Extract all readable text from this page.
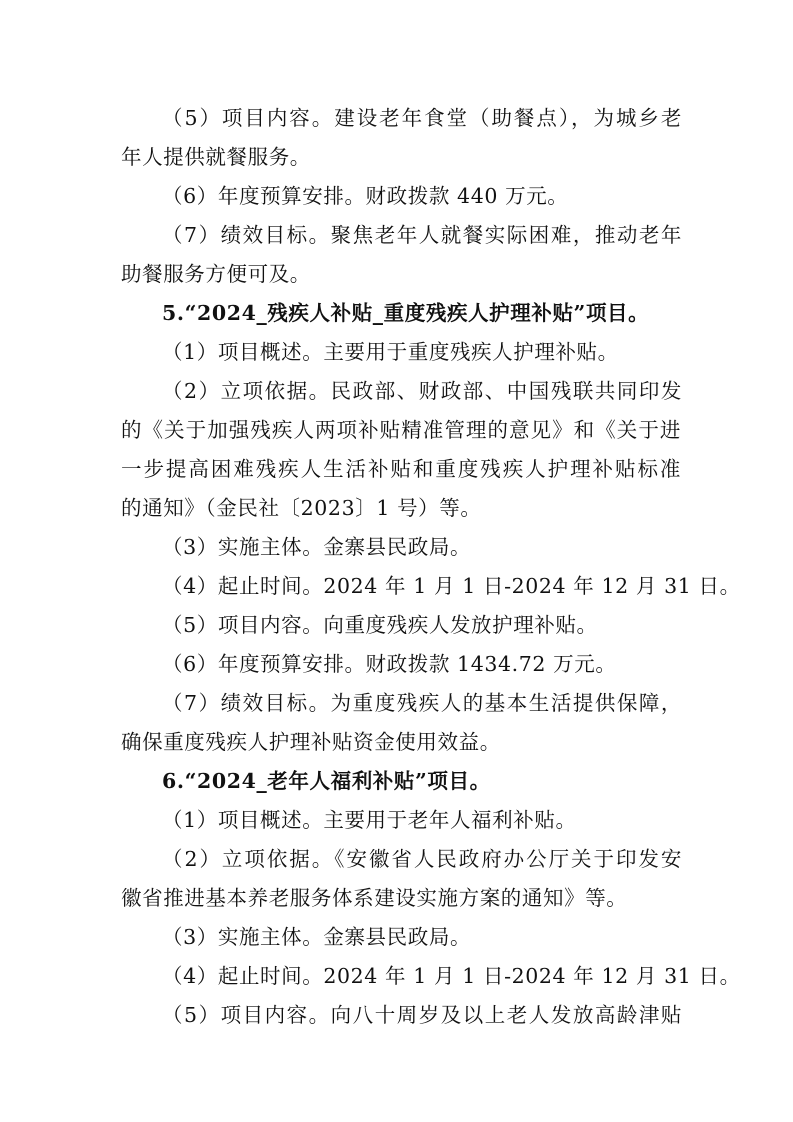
（5）项目内容。建设老年食堂（助餐点），为城乡老
年人提供就餐服务。
（6）年度预算安排。财政拨款 440 万元。
（7）绩效目标。聚焦老年人就餐实际困难，推动老年
助餐服务方便可及。
5.“2024_残疾人补贴_重度残疾人护理补贴”项目。
（1）项目概述。主要用于重度残疾人护理补贴。
（2）立项依据。民政部、财政部、中国残联共同印发
的《关于加强残疾人两项补贴精准管理的意见》和《关于进
一步提高困难残疾人生活补贴和重度残疾人护理补贴标准
的通知》（金民社〔2023〕1 号）等。
（3）实施主体。金寨县民政局。
（4）起止时间。2024 年 1 月 1 日-2024 年 12 月 31 日。
（5）项目内容。向重度残疾人发放护理补贴。
（6）年度预算安排。财政拨款 1434.72 万元。
（7）绩效目标。为重度残疾人的基本生活提供保障，
确保重度残疾人护理补贴资金使用效益。
6.“2024_老年人福利补贴”项目。
（1）项目概述。主要用于老年人福利补贴。
（2）立项依据。《安徽省人民政府办公厅关于印发安
徽省推进基本养老服务体系建设实施方案的通知》等。
（3）实施主体。金寨县民政局。
（4）起止时间。2024 年 1 月 1 日-2024 年 12 月 31 日。
（5）项目内容。向八十周岁及以上老人发放高龄津贴
